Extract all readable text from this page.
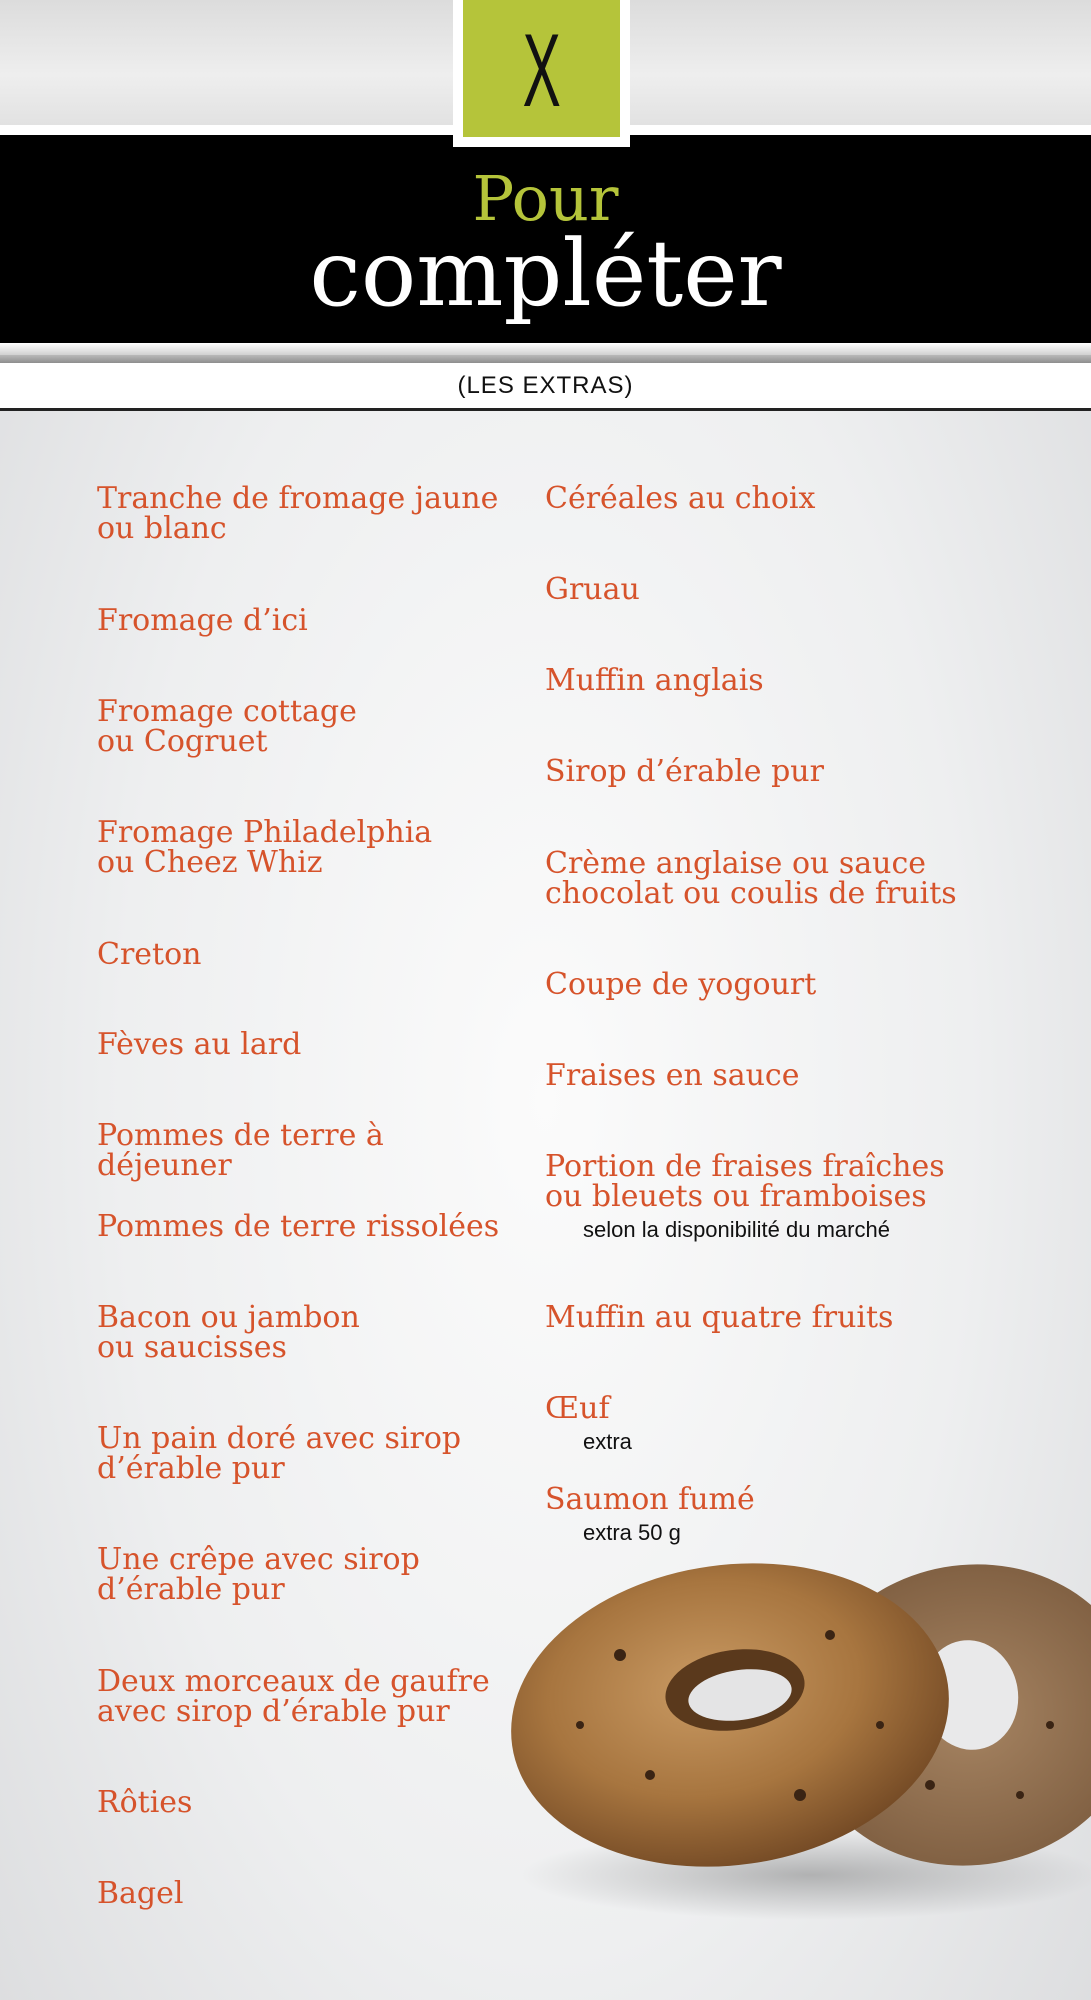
(LES EXTRAS)
X
Pour
compléter
Tranche de fromage jaune
ou blanc
Fromage d’ici
Fromage cottage
ou Cogruet
Fromage Philadelphia
ou Cheez Whiz
Creton
Fèves au lard
Pommes de terre à déjeuner
Pommes de terre rissolées
Bacon ou jambon
ou saucisses
Un pain doré avec sirop
d’érable pur
Une crêpe avec sirop
d’érable pur
Deux morceaux de gaufre
avec sirop d’érable pur
Rôties
Bagel
Céréales au choix
Gruau
Muffin anglais
Sirop d’érable pur
Crème anglaise ou sauce
chocolat ou coulis de fruits
Coupe de yogourt
Fraises en sauce
Portion de fraises fraîches
ou bleuets ou framboises
selon la disponibilité du marché
Muffin au quatre fruits
Œuf
extra
Saumon fumé
extra 50 g
